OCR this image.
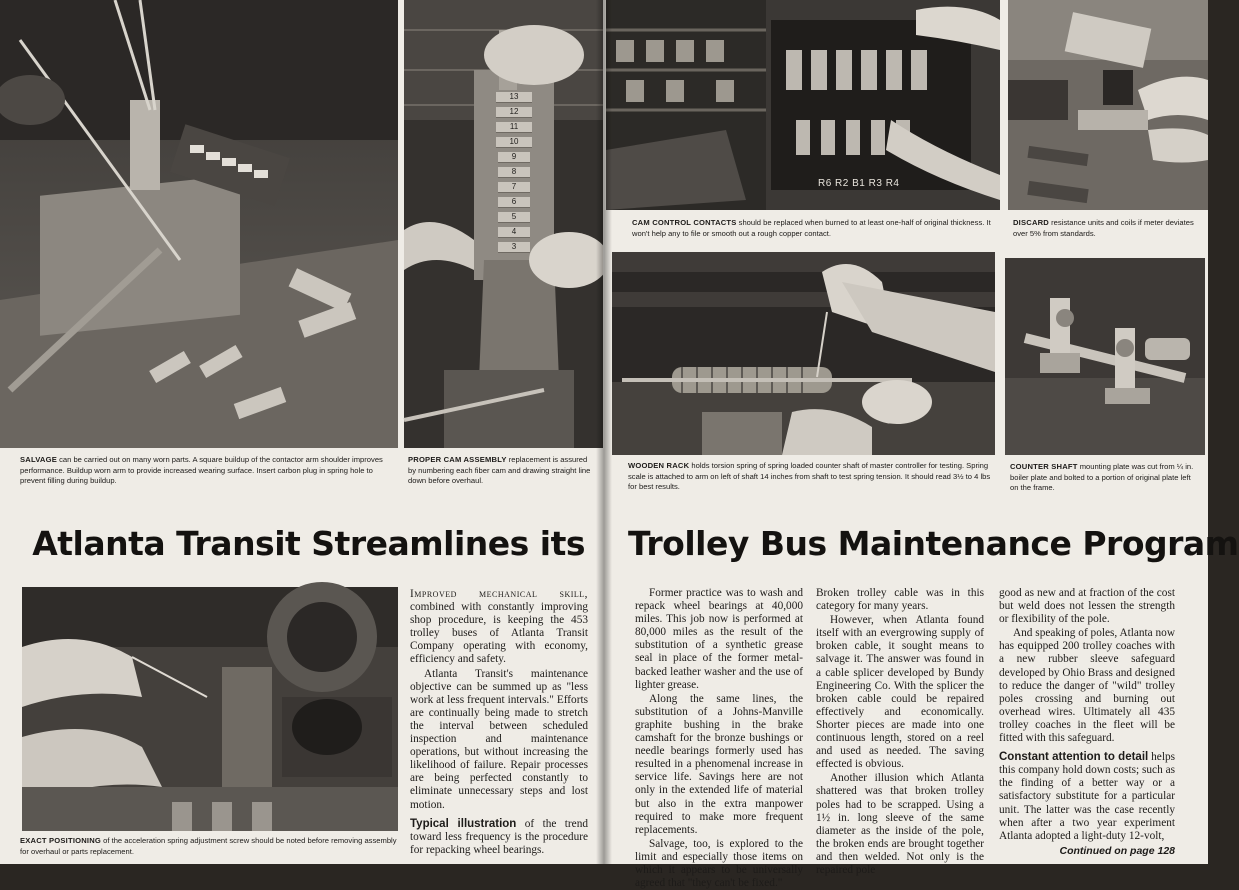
13
12
11
10
9
8
7
6
5
4
3
SALVAGE can be carried out on many worn parts. A square buildup of the contactor arm shoulder improves performance. Buildup worn arm to provide increased wearing surface. Insert carbon plug in spring hole to prevent filling during buildup.
PROPER CAM ASSEMBLY replacement is assured by numbering each fiber cam and drawing straight line down before overhaul.
Atlanta Transit Streamlines its
EXACT POSITIONING of the acceleration spring adjustment screw should be noted before removing assembly for overhaul or parts replacement.

Improved mechanical skill, combined with constantly improving shop procedure, is keeping the 453 trolley buses of Atlanta Transit Company operating with economy, efficiency and safety.

Atlanta Transit's maintenance objective can be summed up as "less work at less frequent intervals." Efforts are continually being made to stretch the interval between scheduled inspection and maintenance operations, but without increasing the likelihood of failure. Repair processes are being perfected constantly to eliminate unnecessary steps and lost motion.

Typical illustration of the trend toward less frequency is the procedure for repacking wheel bearings.

R6 R2 B1 R3 R4
CAM CONTROL CONTACTS should be replaced when burned to at least one-half of original thickness. It won't help any to file or smooth out a rough copper contact.
DISCARD resistance units and coils if meter deviates over 5% from standards.
WOODEN RACK holds torsion spring of spring loaded counter shaft of master controller for testing. Spring scale is attached to arm on left of shaft 14 inches from shaft to test spring tension. It should read 3½ to 4 lbs for best results.
COUNTER SHAFT mounting plate was cut from ¼ in. boiler plate and bolted to a portion of original plate left on the frame.
Trolley Bus Maintenance Program

Former practice was to wash and repack wheel bearings at 40,000 miles. This job now is performed at 80,000 miles as the result of the substitution of a synthetic grease seal in place of the former metal-backed leather washer and the use of lighter grease.

Along the same lines, the substitution of a Johns-Manville graphite bushing in the brake camshaft for the bronze bushings or needle bearings formerly used has resulted in a phenomenal increase in service life. Savings here are not only in the extended life of material but also in the extra manpower required to make more frequent replacements.

Salvage, too, is explored to the limit and especially those items on which it appears to be universally agreed that "they can't be fixed."

Broken trolley cable was in this category for many years.

However, when Atlanta found itself with an evergrowing supply of broken cable, it sought means to salvage it. The answer was found in a cable splicer developed by Bundy Engineering Co. With the splicer the broken cable could be repaired effectively and economically. Shorter pieces are made into one continuous length, stored on a reel and used as needed. The saving effected is obvious.

Another illusion which Atlanta shattered was that broken trolley poles had to be scrapped. Using a 1½ in. long sleeve of the same diameter as the inside of the pole, the broken ends are brought together and then welded. Not only is the repaired pole

good as new and at fraction of the cost but weld does not lessen the strength or flexibility of the pole.

And speaking of poles, Atlanta now has equipped 200 trolley coaches with a new rubber sleeve safeguard developed by Ohio Brass and designed to reduce the danger of "wild" trolley poles crossing and burning out overhead wires. Ultimately all 435 trolley coaches in the fleet will be fitted with this safeguard.

Constant attention to detail helps this company hold down costs; such as the finding of a better way or a satisfactory substitute for a particular unit. The latter was the case recently when after a two year experiment Atlanta adopted a light-duty 12-volt,

Continued on page 128
